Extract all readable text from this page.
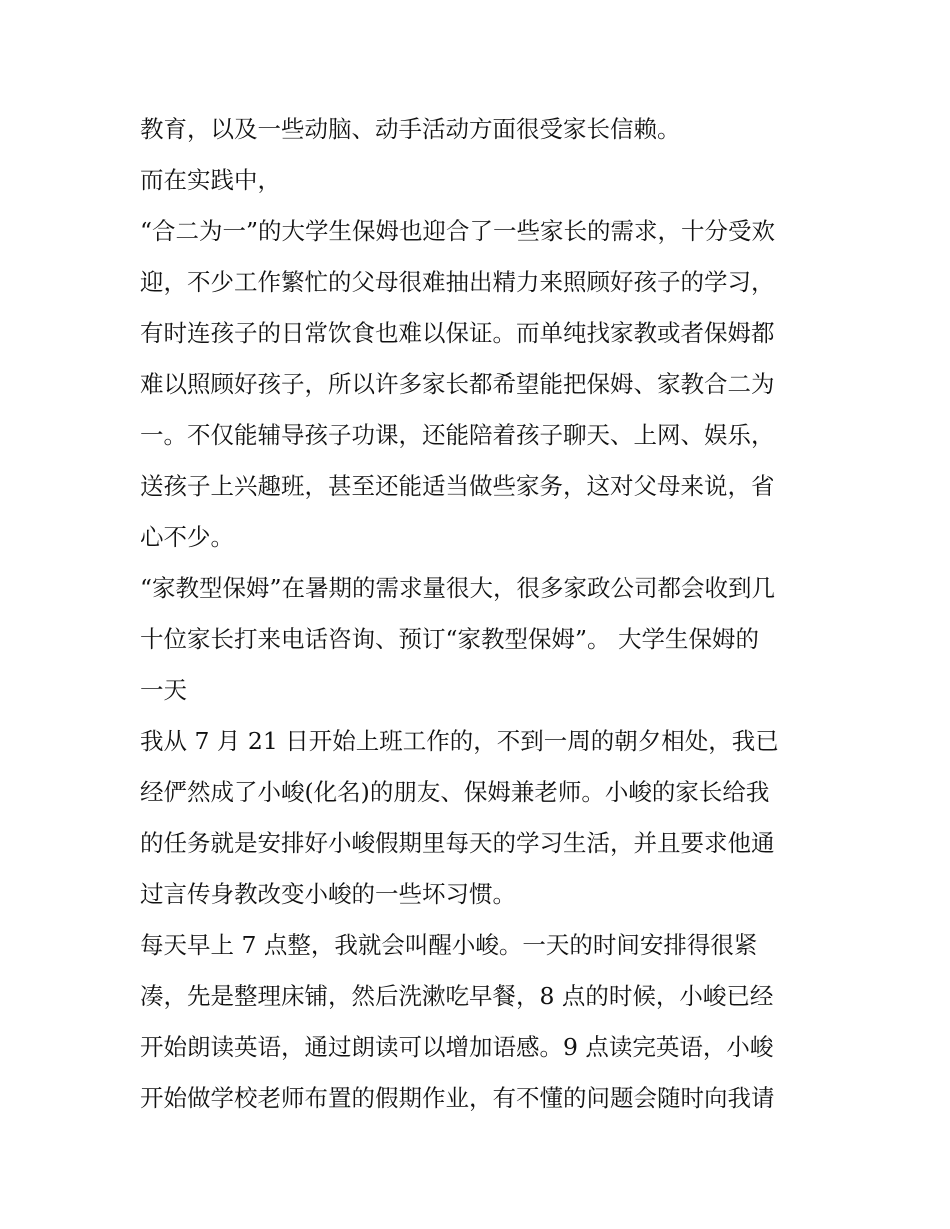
教育，以及一些动脑、动手活动方面很受家长信赖。
而在实践中，
“合二为一”的大学生保姆也迎合了一些家长的需求，十分受欢
迎，不少工作繁忙的父母很难抽出精力来照顾好孩子的学习，
有时连孩子的日常饮食也难以保证。而单纯找家教或者保姆都
难以照顾好孩子，所以许多家长都希望能把保姆、家教合二为
一。不仅能辅导孩子功课，还能陪着孩子聊天、上网、娱乐，
送孩子上兴趣班，甚至还能适当做些家务，这对父母来说，省
心不少。
“家教型保姆”在暑期的需求量很大，很多家政公司都会收到几
十位家长打来电话咨询、预订“家教型保姆”。 大学生保姆的
一天
我从 7 月 21 日开始上班工作的，不到一周的朝夕相处，我已
经俨然成了小峻(化名)的朋友、保姆兼老师。小峻的家长给我
的任务就是安排好小峻假期里每天的学习生活，并且要求他通
过言传身教改变小峻的一些坏习惯。
每天早上 7 点整，我就会叫醒小峻。一天的时间安排得很紧
凑，先是整理床铺，然后洗漱吃早餐，8 点的时候，小峻已经
开始朗读英语，通过朗读可以增加语感。9 点读完英语，小峻
开始做学校老师布置的假期作业，有不懂的问题会随时向我请
